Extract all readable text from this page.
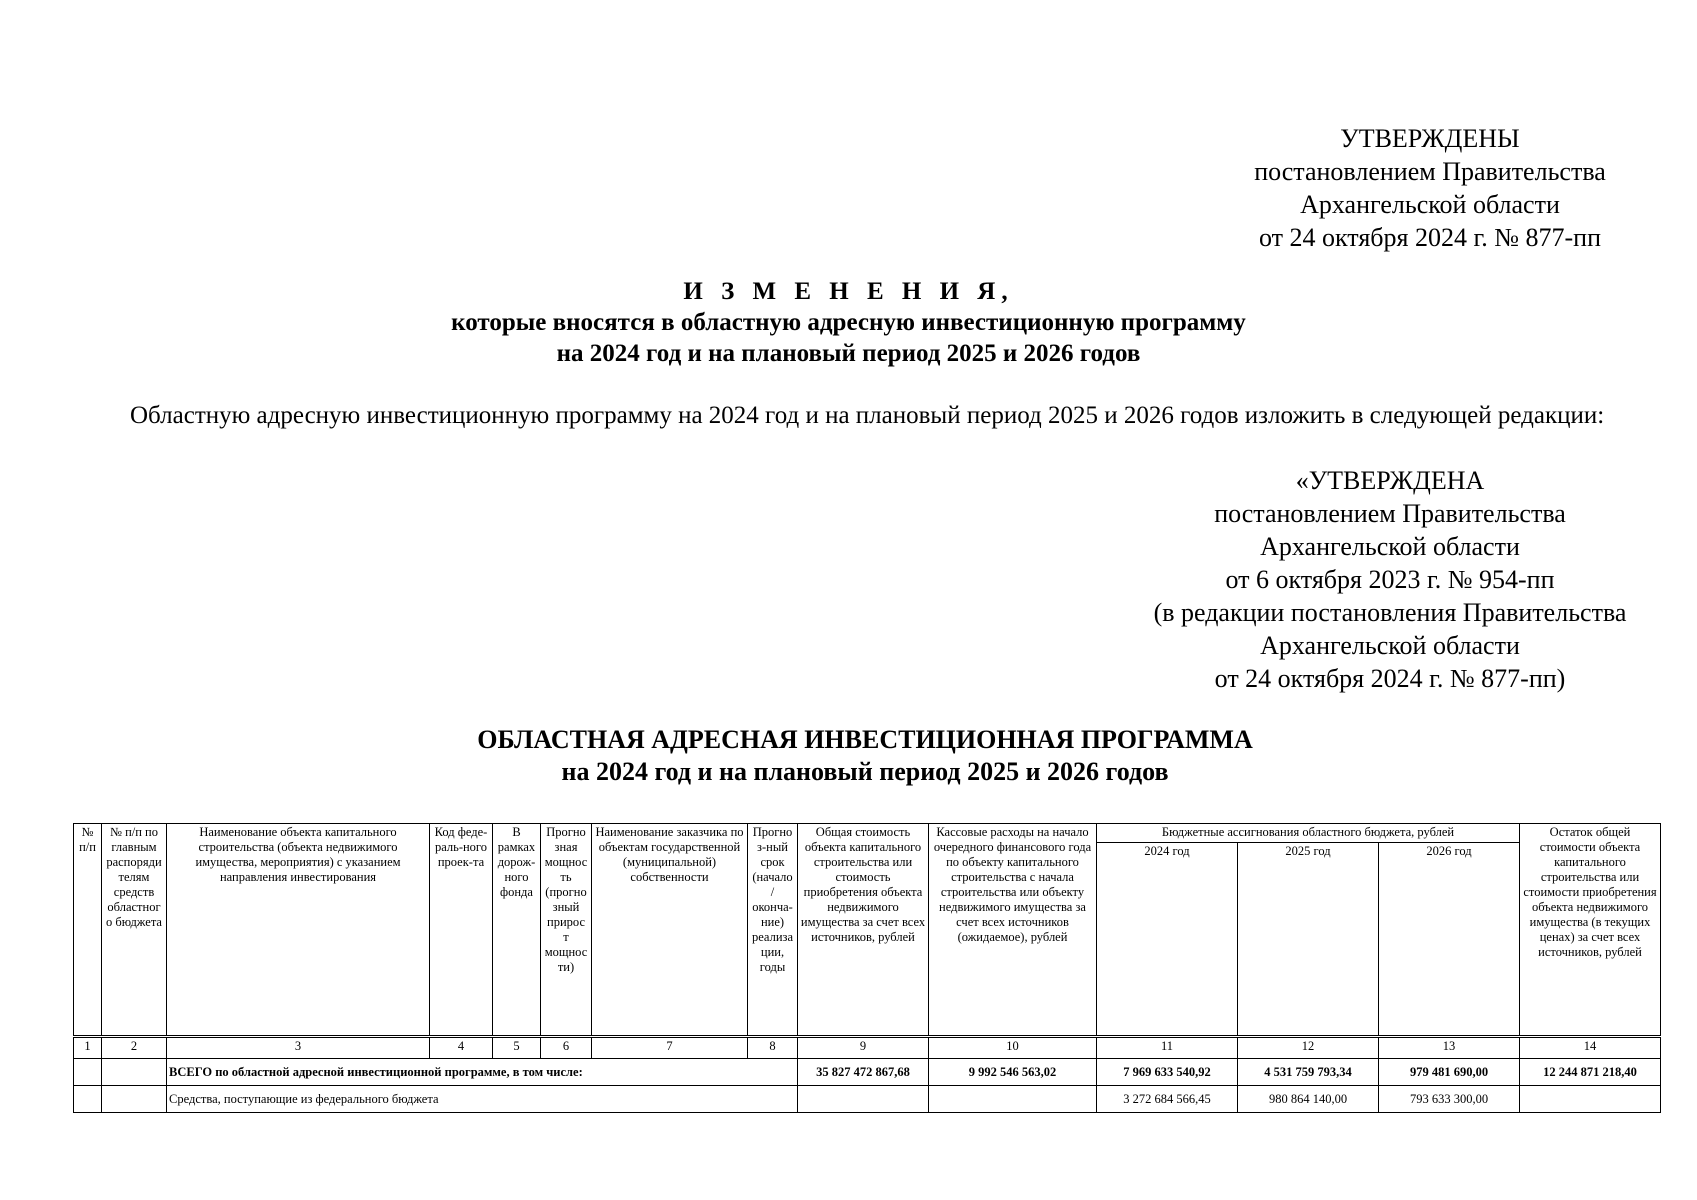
УТВЕРЖДЕНЫ
постановлением Правительства
Архангельской области
от 24 октября 2024 г. № 877-пп
И З М Е Н Е Н И Я,
которые вносятся в областную адресную инвестиционную программу
на 2024 год и на плановый период 2025 и 2026 годов
Областную адресную инвестиционную программу на 2024 год и на плановый период 2025 и 2026 годов изложить в следующей редакции:
«УТВЕРЖДЕНА
постановлением Правительства
Архангельской области
от 6 октября 2023 г. № 954-пп
(в редакции постановления Правительства
Архангельской области
от 24 октября 2024 г. № 877-пп)
ОБЛАСТНАЯ АДРЕСНАЯ ИНВЕСТИЦИОННАЯ ПРОГРАММА
на 2024 год и на плановый период 2025 и 2026 годов
№ п/п	№ п/п по главным распоряди телям средств областног о бюджета	Наименование объекта капитального строительства (объекта недвижимого имущества, мероприятия) с указанием направления инвестирования	Код феде-раль-ного проек-та	В рамках дорож-ного фонда	Прогно зная мощнос ть (прогно зный прирос т мощнос ти)	Наименование заказчика по объектам государственной (муниципальной) собственности	Прогно з-ный срок (начало / оконча-ние) реализа ции, годы	Общая стоимость объекта капитального строительства или стоимость приобретения объекта недвижимого имущества за счет всех источников, рублей	Кассовые расходы на начало очередного финансового года по объекту капитального строительства с начала строительства или объекту недвижимого имущества за счет всех источников (ожидаемое), рублей	Бюджетные ассигнования областного бюджета, рублей			Остаток общей стоимости объекта капитального строительства или стоимости приобретения объекта недвижимого имущества (в текущих ценах) за счет всех источников, рублей
										2024 год	2025 год	2026 год	
1	2	3	4	5	6	7	8	9	10	11	12	13	14
		ВСЕГО по областной адресной инвестиционной программе, в том числе:						35 827 472 867,68	9 992 546 563,02	7 969 633 540,92	4 531 759 793,34	979 481 690,00	12 244 871 218,40
		Средства, поступающие из федерального бюджета								3 272 684 566,45	980 864 140,00	793 633 300,00	
